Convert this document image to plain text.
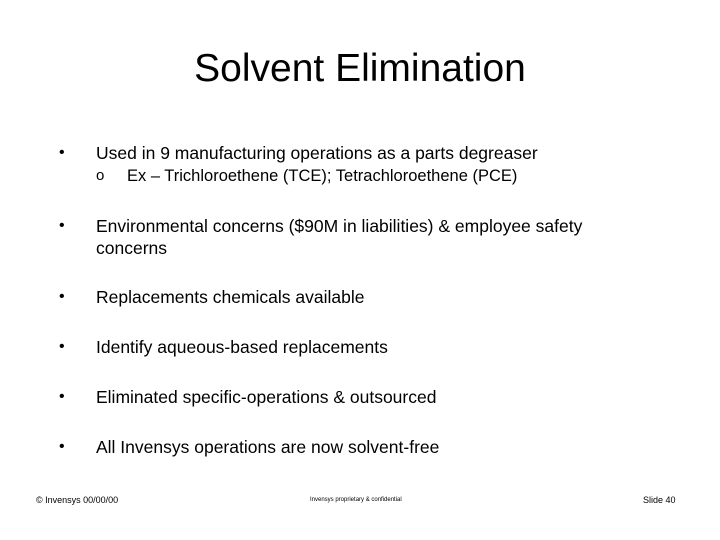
Solvent Elimination
• Used in 9 manufacturing operations as a parts degreaser
o Ex – Trichloroethene (TCE); Tetrachloroethene (PCE)
• Environmental concerns ($90M in liabilities) & employee safety concerns
• Replacements chemicals available
• Identify aqueous-based replacements
• Eliminated specific-operations & outsourced
• All Invensys operations are now solvent-free
© Invensys 00/00/00	Invensys proprietary & confidential	Slide 40
